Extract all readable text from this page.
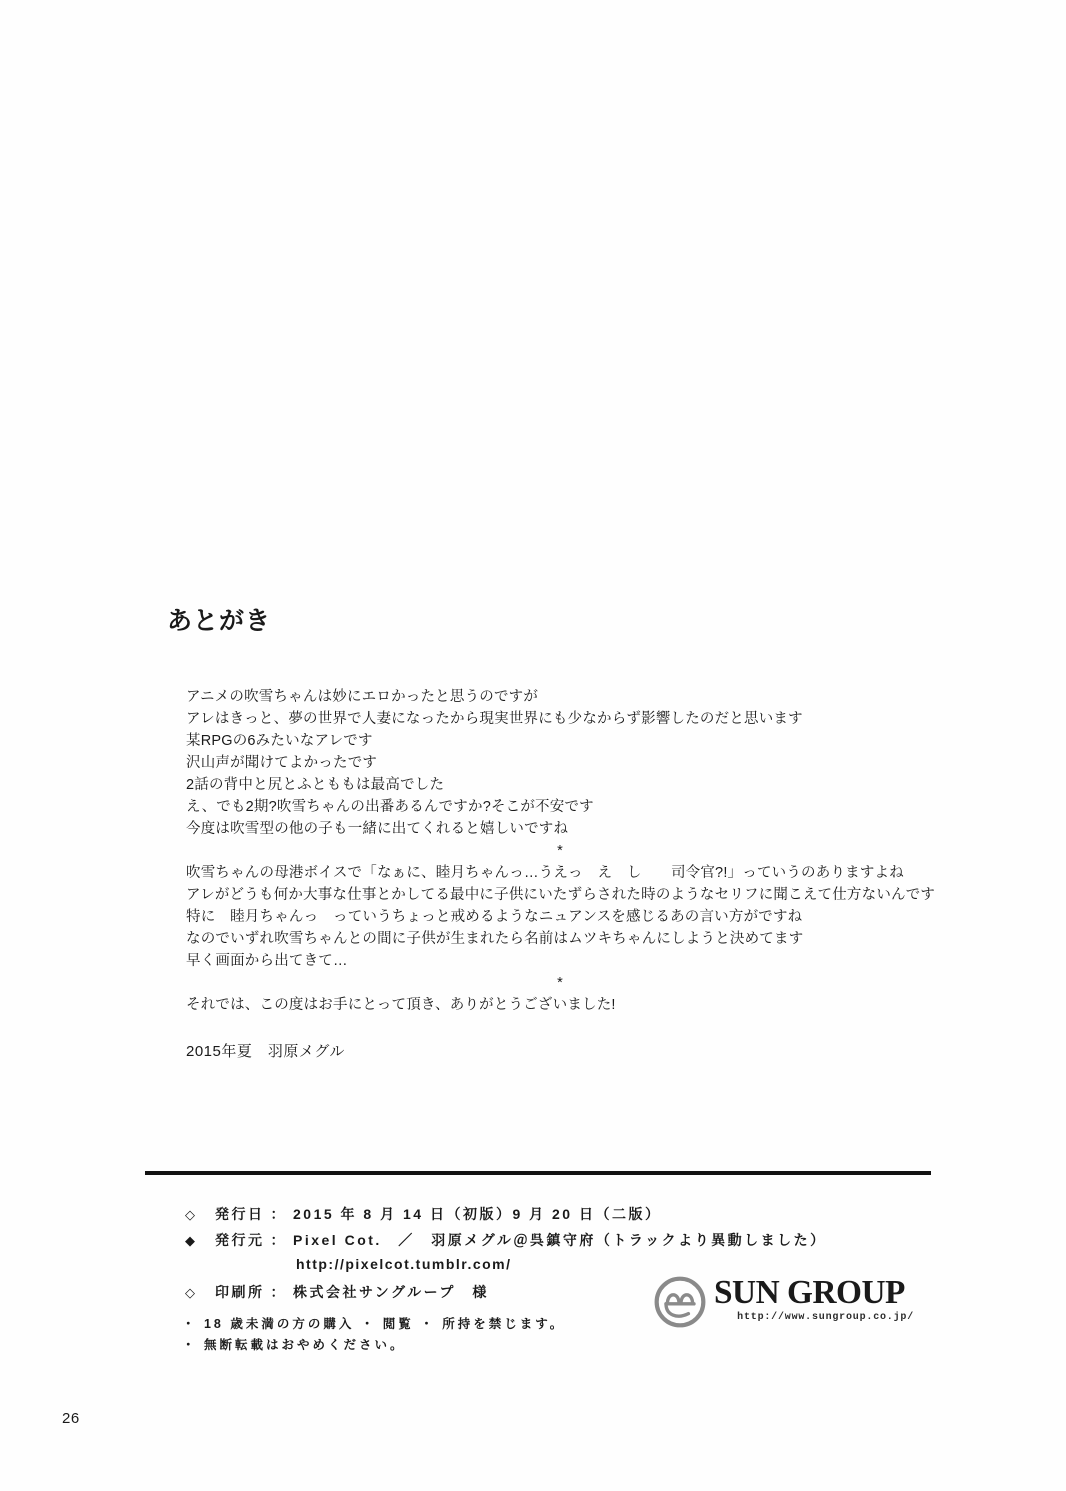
あとがき
アニメの吹雪ちゃんは妙にエロかったと思うのですが
アレはきっと、夢の世界で人妻になったから現実世界にも少なからず影響したのだと思います
某RPGの6みたいなアレです
沢山声が聞けてよかったです
2話の背中と尻とふとももは最高でした
え、でも2期?吹雪ちゃんの出番あるんですか?そこが不安です
今度は吹雪型の他の子も一緒に出てくれると嬉しいですね
*
吹雪ちゃんの母港ボイスで「なぁに、睦月ちゃんっ…うえっ　え　し　　司令官?!」っていうのありますよね
アレがどうも何か大事な仕事とかしてる最中に子供にいたずらされた時のようなセリフに聞こえて仕方ないんです
特に　睦月ちゃんっ　っていうちょっと戒めるようなニュアンスを感じるあの言い方がですね
なのでいずれ吹雪ちゃんとの間に子供が生まれたら名前はムツキちゃんにしようと決めてます
早く画面から出てきて…
*
それでは、この度はお手にとって頂き、ありがとうございました!
2015年夏　羽原メグル
◇	発行日 ： 2015 年 8 月 14 日（初版）9 月 20 日（二版）
◆	発行元 ： Pixel Cot.　／　羽原メグル＠呉鎮守府（トラックより異動しました）
http://pixelcot.tumblr.com/
◇	印刷所 ： 株式会社サングループ　様
・ 18 歳未満の方の購入 ・ 閲覧 ・ 所持を禁じます。
・ 無断転載はおやめください。
SUN GROUP
http://www.sungroup.co.jp/
26
